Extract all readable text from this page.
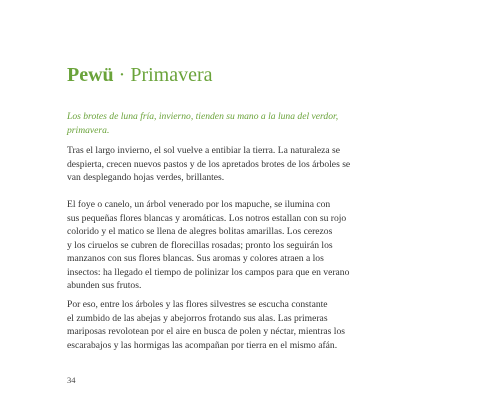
Pewü · Primavera

Los brotes de luna fría, invierno, tienden su mano a la luna del verdor,
primavera.

Tras el largo invierno, el sol vuelve a entibiar la tierra. La naturaleza se
despierta, crecen nuevos pastos y de los apretados brotes de los árboles se
van desplegando hojas verdes, brillantes.

El foye o canelo, un árbol venerado por los mapuche, se ilumina con
sus pequeñas flores blancas y aromáticas. Los notros estallan con su rojo
colorido y el matico se llena de alegres bolitas amarillas. Los cerezos
y los ciruelos se cubren de florecillas rosadas; pronto los seguirán los
manzanos con sus flores blancas. Sus aromas y colores atraen a los
insectos: ha llegado el tiempo de polinizar los campos para que en verano
abunden sus frutos.

Por eso, entre los árboles y las flores silvestres se escucha constante
el zumbido de las abejas y abejorros frotando sus alas. Las primeras
mariposas revolotean por el aire en busca de polen y néctar, mientras los
escarabajos y las hormigas las acompañan por tierra en el mismo afán.

34
